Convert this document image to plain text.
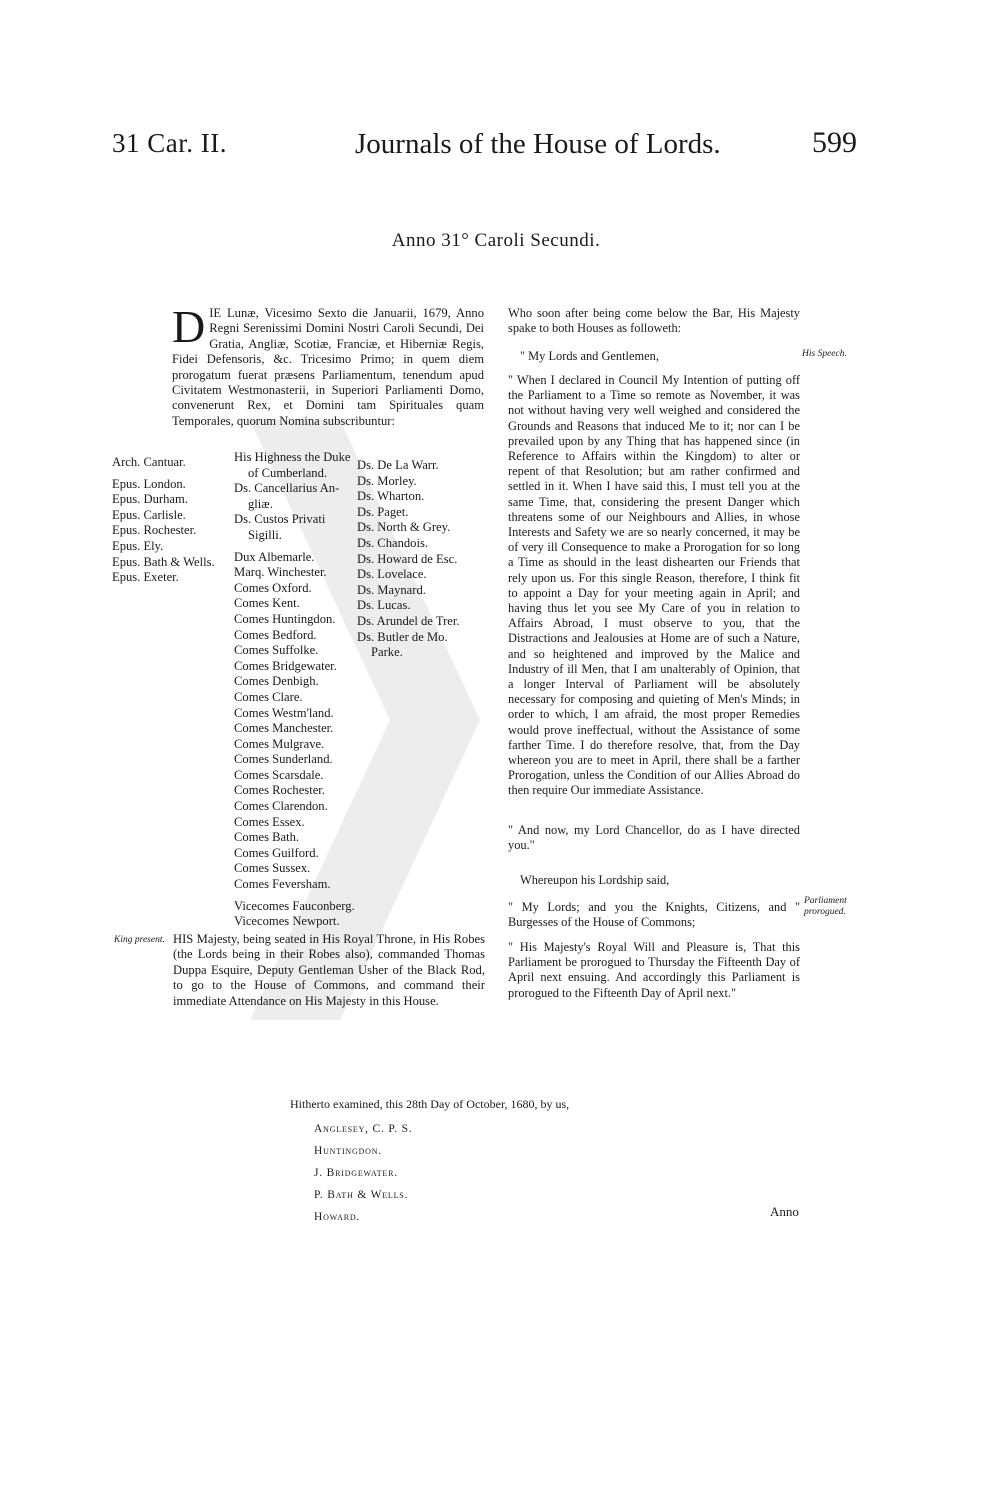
31 Car. II.	Journals of the House of Lords.	599
Anno 31° Caroli Secundi.
D IE Lunæ, Vicesimo Sexto die Januarii, 1679, Anno Regni Serenissimi Domini Nostri Caroli Secundi, Dei Gratia, Angliæ, Scotiæ, Franciæ, et Hiberniæ Regis, Fidei Defensoris, &c. Tricesimo Primo; in quem diem prorogatum fuerat præsens Parliamentum, tenendum apud Civitatem Westmonasterii, in Superiori Parliamenti Domo, convenerunt Rex, et Domini tam Spirituales quam Temporales, quorum Nomina subscribuntur:
Arch. Cantuar.
Epus. London.
Epus. Durham.
Epus. Carlisle.
Epus. Rochester.
Epus. Ely.
Epus. Bath & Wells.
Epus. Exeter.
His Highness the Duke
of Cumberland.
Ds. Cancellarius An-
gliæ.
Ds. Custos Privati
Sigilli.
Dux Albemarle.
Marq. Winchester.
Comes Oxford.
Comes Kent.
Comes Huntingdon.
Comes Bedford.
Comes Suffolke.
Comes Bridgewater.
Comes Denbigh.
Comes Clare.
Comes Westm'land.
Comes Manchester.
Comes Mulgrave.
Comes Sunderland.
Comes Scarsdale.
Comes Rochester.
Comes Clarendon.
Comes Essex.
Comes Bath.
Comes Guilford.
Comes Sussex.
Comes Feversham.
Vicecomes Fauconberg.
Vicecomes Newport.
Ds. De La Warr.
Ds. Morley.
Ds. Wharton.
Ds. Paget.
Ds. North & Grey.
Ds. Chandois.
Ds. Howard de Esc.
Ds. Lovelace.
Ds. Maynard.
Ds. Lucas.
Ds. Arundel de Trer.
Ds. Butler de Mo.
Parke.
King present. HIS Majesty, being seated in His Royal Throne, in His Robes (the Lords being in their Robes also), commanded Thomas Duppa Esquire, Deputy Gentleman Usher of the Black Rod, to go to the House of Commons, and command their immediate Attendance on His Majesty in this House.
Who soon after being come below the Bar, His Majesty spake to both Houses as followeth:
" My Lords and Gentlemen,	His Speech.
" When I declared in Council My Intention of putting off the Parliament to a Time so remote as November, it was not without having very well weighed and considered the Grounds and Reasons that induced Me to it; nor can I be prevailed upon by any Thing that has happened since (in Reference to Affairs within the Kingdom) to alter or repent of that Resolution; but am rather confirmed and settled in it. When I have said this, I must tell you at the same Time, that, considering the present Danger which threatens some of our Neighbours and Allies, in whose Interests and Safety we are so nearly concerned, it may be of very ill Consequence to make a Prorogation for so long a Time as should in the least dishearten our Friends that rely upon us. For this single Reason, therefore, I think fit to appoint a Day for your meeting again in April; and having thus let you see My Care of you in relation to Affairs Abroad, I must observe to you, that the Distractions and Jealousies at Home are of such a Nature, and so heightened and improved by the Malice and Industry of ill Men, that I am unalterably of Opinion, that a longer Interval of Parliament will be absolutely necessary for composing and quieting of Men's Minds; in order to which, I am afraid, the most proper Remedies would prove ineffectual, without the Assistance of some farther Time. I do therefore resolve, that, from the Day whereon you are to meet in April, there shall be a farther Prorogation, unless the Condition of our Allies Abroad do then require Our immediate Assistance.
" And now, my Lord Chancellor, do as I have directed you."
Whereupon his Lordship said,
" My Lords; and you the Knights, Citizens, and " Burgesses of the House of Commons;
Parliament prorogued.
" His Majesty's Royal Will and Pleasure is, That this Parliament be prorogued to Thursday the Fifteenth Day of April next ensuing. And accordingly this Parliament is prorogued to the Fifteenth Day of April next."
Hitherto examined, this 28th Day of October, 1680, by us,
Anglesey, C. P. S.
Huntingdon.
J. Bridgewater.
P. Bath & Wells.
Howard.	Anno
